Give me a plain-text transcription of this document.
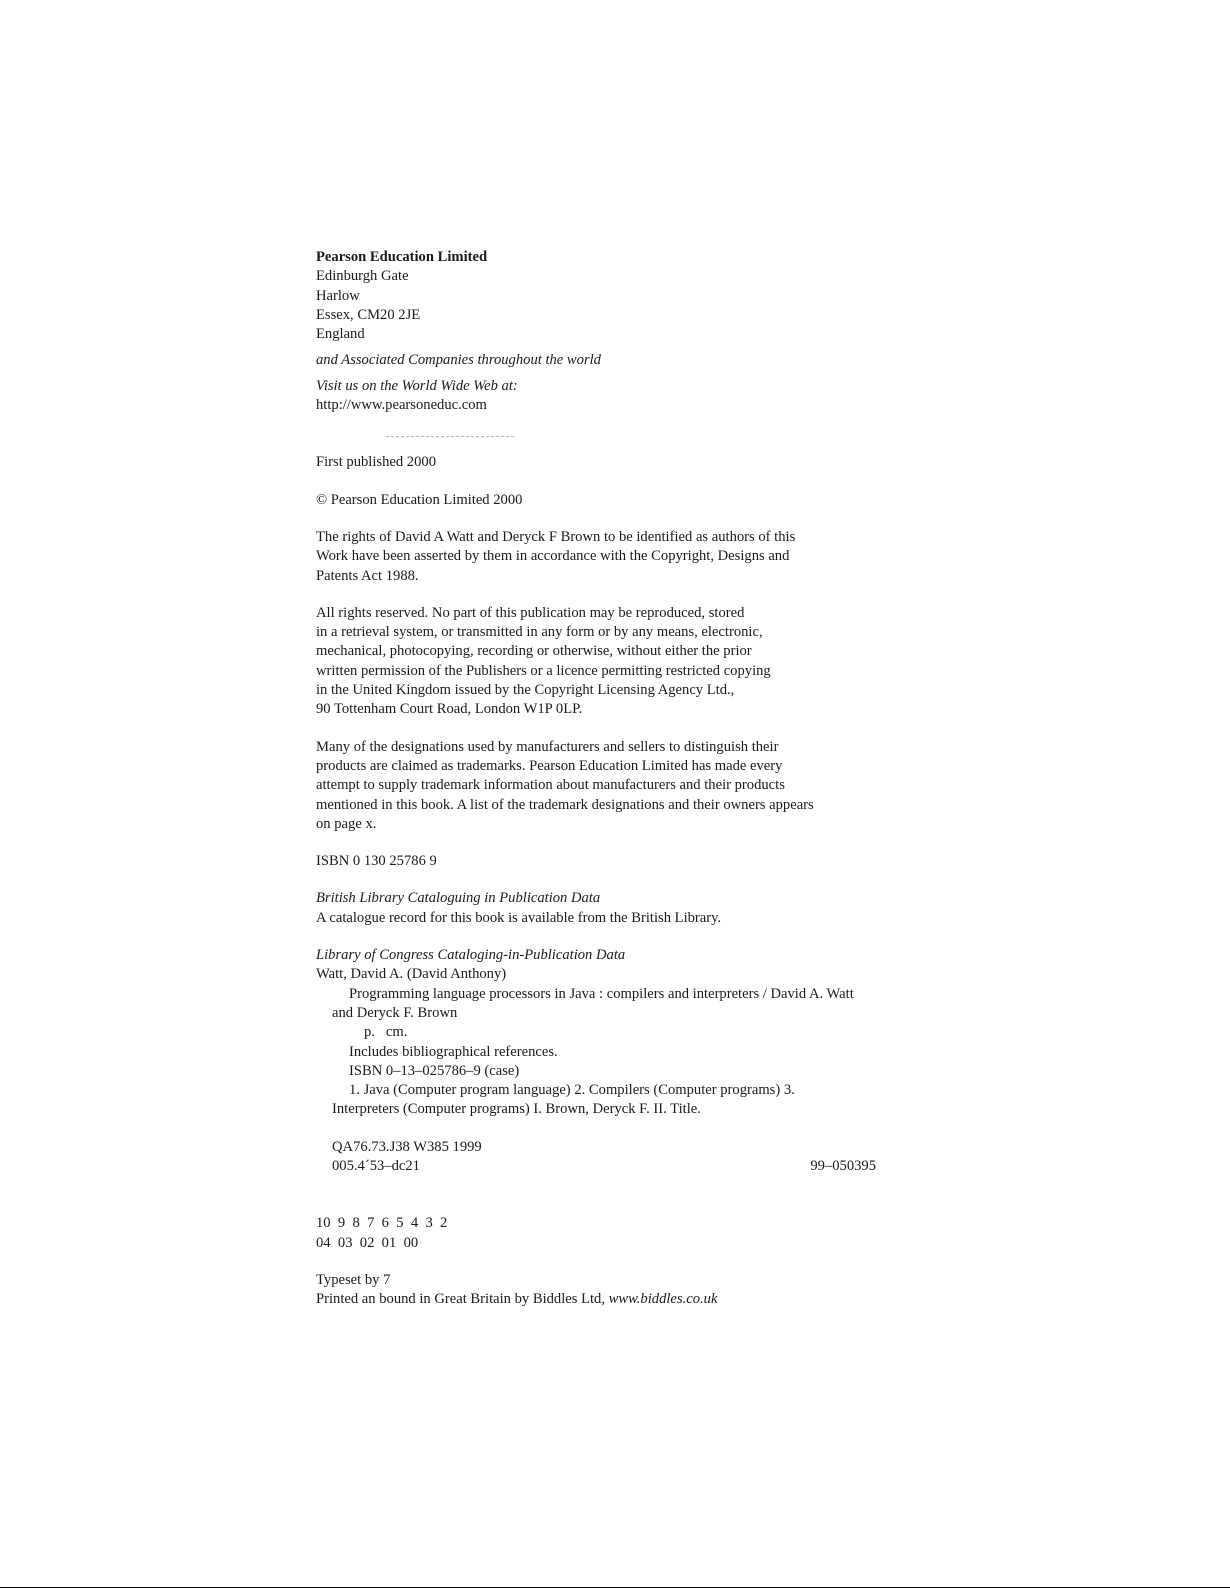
Pearson Education Limited
Edinburgh Gate
Harlow
Essex, CM20 2JE
England
and Associated Companies throughout the world
Visit us on the World Wide Web at:
http://www.pearsoneduc.com
First published 2000
© Pearson Education Limited 2000
The rights of David A Watt and Deryck F Brown to be identified as authors of this
Work have been asserted by them in accordance with the Copyright, Designs and
Patents Act 1988.
All rights reserved. No part of this publication may be reproduced, stored
in a retrieval system, or transmitted in any form or by any means, electronic,
mechanical, photocopying, recording or otherwise, without either the prior
written permission of the Publishers or a licence permitting restricted copying
in the United Kingdom issued by the Copyright Licensing Agency Ltd.,
90 Tottenham Court Road, London W1P 0LP.
Many of the designations used by manufacturers and sellers to distinguish their
products are claimed as trademarks. Pearson Education Limited has made every
attempt to supply trademark information about manufacturers and their products
mentioned in this book. A list of the trademark designations and their owners appears
on page x.
ISBN 0 130 25786 9
British Library Cataloguing in Publication Data
A catalogue record for this book is available from the British Library.
Library of Congress Cataloging-in-Publication Data
Watt, David A. (David Anthony)
Programming language processors in Java : compilers and interpreters / David A. Watt
and Deryck F. Brown
p.   cm.
Includes bibliographical references.
ISBN 0–13–025786–9 (case)
1. Java (Computer program language) 2. Compilers (Computer programs) 3.
Interpreters (Computer programs) I. Brown, Deryck F. II. Title.
QA76.73.J38 W385 1999
005.4´53–dc21	99–050395
10  9  8  7  6  5  4  3  2
04  03  02  01  00
Typeset by 7
Printed an bound in Great Britain by Biddles Ltd, www.biddles.co.uk
